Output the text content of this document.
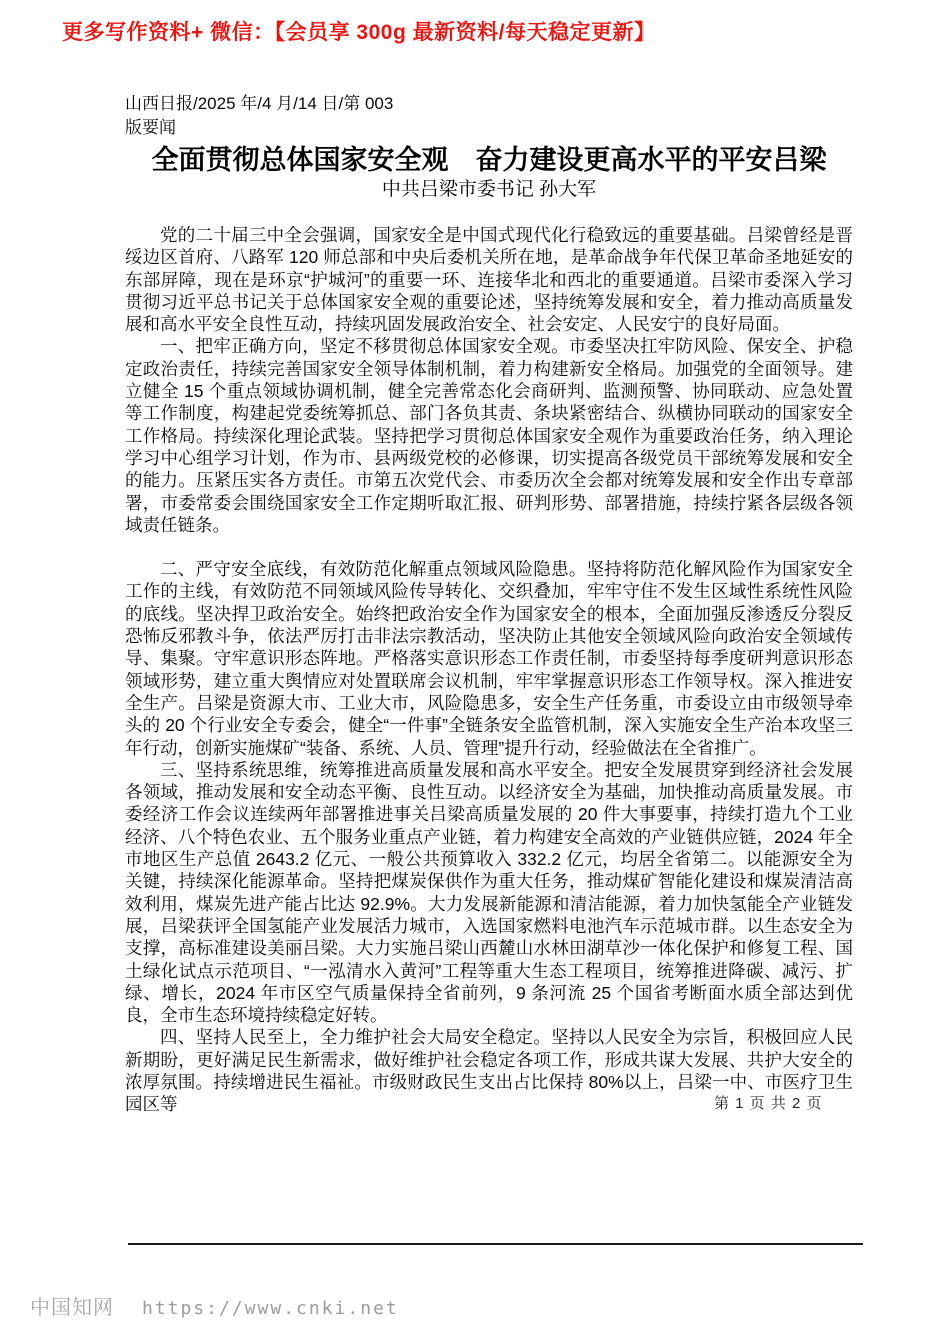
更多写作资料+ 微信：【会员享 300g 最新资料/每天稳定更新】
山西日报/2025 年/4 月/14 日/第 003
版要闻
全面贯彻总体国家安全观　奋力建设更高水平的平安吕梁
中共吕梁市委书记 孙大军

党的二十届三中全会强调，国家安全是中国式现代化行稳致远的重要基础。吕梁曾经是晋绥边区首府、八路军 120 师总部和中央后委机关所在地，是革命战争年代保卫革命圣地延安的东部屏障，现在是环京“护城河”的重要一环、连接华北和西北的重要通道。吕梁市委深入学习贯彻习近平总书记关于总体国家安全观的重要论述，坚持统筹发展和安全，着力推动高质量发展和高水平安全良性互动，持续巩固发展政治安全、社会安定、人民安宁的良好局面。

一、把牢正确方向，坚定不移贯彻总体国家安全观。市委坚决扛牢防风险、保安全、护稳定政治责任，持续完善国家安全领导体制机制，着力构建新安全格局。加强党的全面领导。建立健全 15 个重点领域协调机制，健全完善常态化会商研判、监测预警、协同联动、应急处置等工作制度，构建起党委统筹抓总、部门各负其责、条块紧密结合、纵横协同联动的国家安全工作格局。持续深化理论武装。坚持把学习贯彻总体国家安全观作为重要政治任务，纳入理论学习中心组学习计划，作为市、县两级党校的必修课，切实提高各级党员干部统筹发展和安全的能力。压紧压实各方责任。市第五次党代会、市委历次全会都对统筹发展和安全作出专章部署，市委常委会围绕国家安全工作定期听取汇报、研判形势、部署措施，持续拧紧各层级各领域责任链条。

二、严守安全底线，有效防范化解重点领域风险隐患。坚持将防范化解风险作为国家安全工作的主线，有效防范不同领域风险传导转化、交织叠加，牢牢守住不发生区域性系统性风险的底线。坚决捍卫政治安全。始终把政治安全作为国家安全的根本，全面加强反渗透反分裂反恐怖反邪教斗争，依法严厉打击非法宗教活动，坚决防止其他安全领域风险向政治安全领域传导、集聚。守牢意识形态阵地。严格落实意识形态工作责任制，市委坚持每季度研判意识形态领域形势，建立重大舆情应对处置联席会议机制，牢牢掌握意识形态工作领导权。深入推进安全生产。吕梁是资源大市、工业大市，风险隐患多，安全生产任务重，市委设立由市级领导牵头的 20 个行业安全专委会，健全“一件事”全链条安全监管机制，深入实施安全生产治本攻坚三年行动，创新实施煤矿“装备、系统、人员、管理”提升行动，经验做法在全省推广。

三、坚持系统思维，统筹推进高质量发展和高水平安全。把安全发展贯穿到经济社会发展各领域，推动发展和安全动态平衡、良性互动。以经济安全为基础，加快推动高质量发展。市委经济工作会议连续两年部署推进事关吕梁高质量发展的 20 件大事要事，持续打造九个工业经济、八个特色农业、五个服务业重点产业链，着力构建安全高效的产业链供应链，2024 年全市地区生产总值 2643.2 亿元、一般公共预算收入 332.2 亿元，均居全省第二。以能源安全为关键，持续深化能源革命。坚持把煤炭保供作为重大任务，推动煤矿智能化建设和煤炭清洁高效利用，煤炭先进产能占比达 92.9%。大力发展新能源和清洁能源，着力加快氢能全产业链发展，吕梁获评全国氢能产业发展活力城市，入选国家燃料电池汽车示范城市群。以生态安全为支撑，高标准建设美丽吕梁。大力实施吕梁山西麓山水林田湖草沙一体化保护和修复工程、国土绿化试点示范项目、“一泓清水入黄河”工程等重大生态工程项目，统筹推进降碳、减污、扩绿、增长，2024 年市区空气质量保持全省前列，9 条河流 25 个国省考断面水质全部达到优良，全市生态环境持续稳定好转。

四、坚持人民至上，全力维护社会大局安全稳定。坚持以人民安全为宗旨，积极回应人民新期盼，更好满足民生新需求，做好维护社会稳定各项工作，形成共谋大发展、共护大安全的浓厚氛围。持续增进民生福祉。市级财政民生支出占比保持 80%以上，吕梁一中、市医疗卫生园区等	第 1 页 共 2 页
中国知网 https://www.cnki.net
